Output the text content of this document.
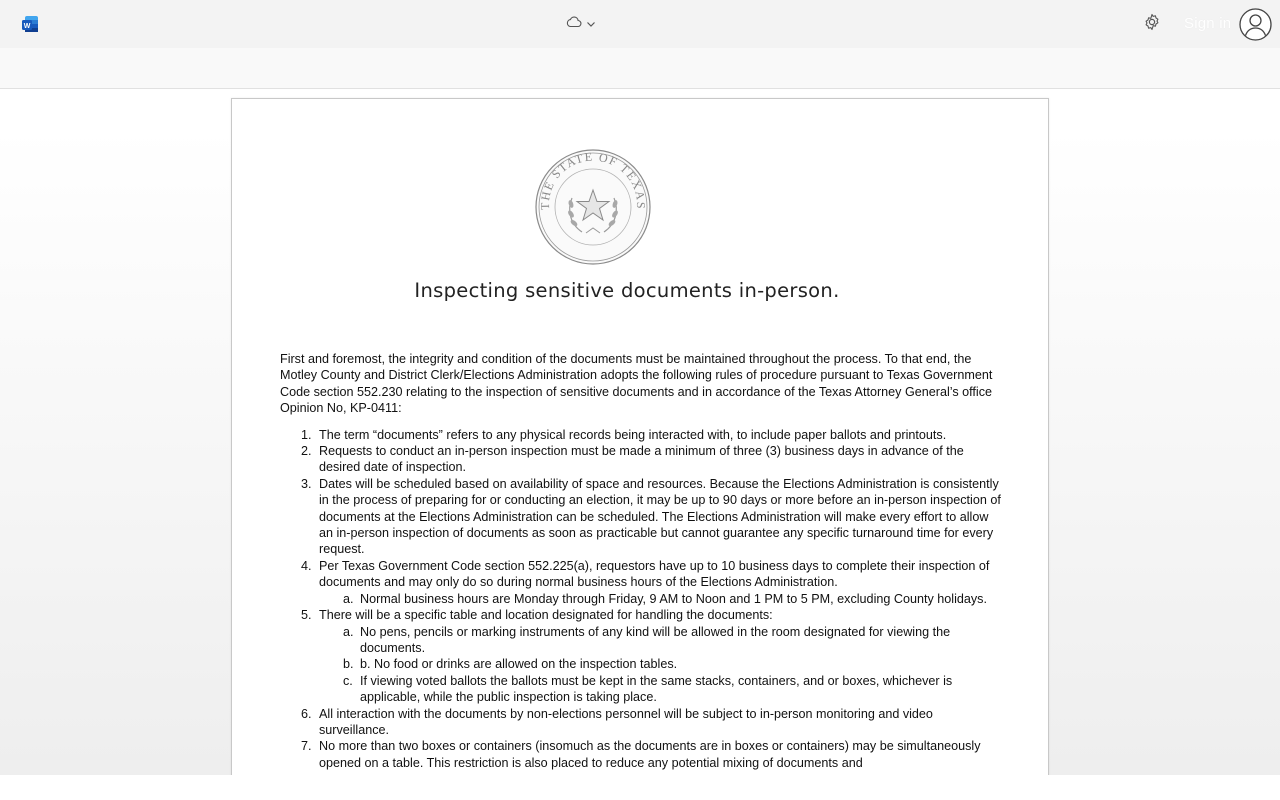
W	Sign in
THE STATE OF TEXAS
Inspecting sensitive documents in-person.

First and foremost, the integrity and condition of the documents must be maintained throughout the process. To that end, the Motley County and District Clerk/Elections Administration adopts the following rules of procedure pursuant to Texas Government Code section 552.230 relating to the inspection of sensitive documents and in accordance of the Texas Attorney General’s office Opinion No, KP-0411:

1. The term “documents” refers to any physical records being interacted with, to include paper ballots and printouts.
2. Requests to conduct an in-person inspection must be made a minimum of three (3) business days in advance of the desired date of inspection.
3. Dates will be scheduled based on availability of space and resources. Because the Elections Administration is consistently in the process of preparing for or conducting an election, it may be up to 90 days or more before an in-person inspection of documents at the Elections Administration can be scheduled. The Elections Administration will make every effort to allow an in-person inspection of documents as soon as practicable but cannot guarantee any specific turnaround time for every request.
4. Per Texas Government Code section 552.225(a), requestors have up to 10 business days to complete their inspection of documents and may only do so during normal business hours of the Elections Administration.
a. Normal business hours are Monday through Friday, 9 AM to Noon and 1 PM to 5 PM, excluding County holidays.
5. There will be a specific table and location designated for handling the documents:
a. No pens, pencils or marking instruments of any kind will be allowed in the room designated for viewing the documents.
b. b. No food or drinks are allowed on the inspection tables.
c. If viewing voted ballots the ballots must be kept in the same stacks, containers, and or boxes, whichever is applicable, while the public inspection is taking place.
6. All interaction with the documents by non-elections personnel will be subject to in-person monitoring and video surveillance.
7. No more than two boxes or containers (insomuch as the documents are in boxes or containers) may be simultaneously opened on a table. This restriction is also placed to reduce any potential mixing of documents and
